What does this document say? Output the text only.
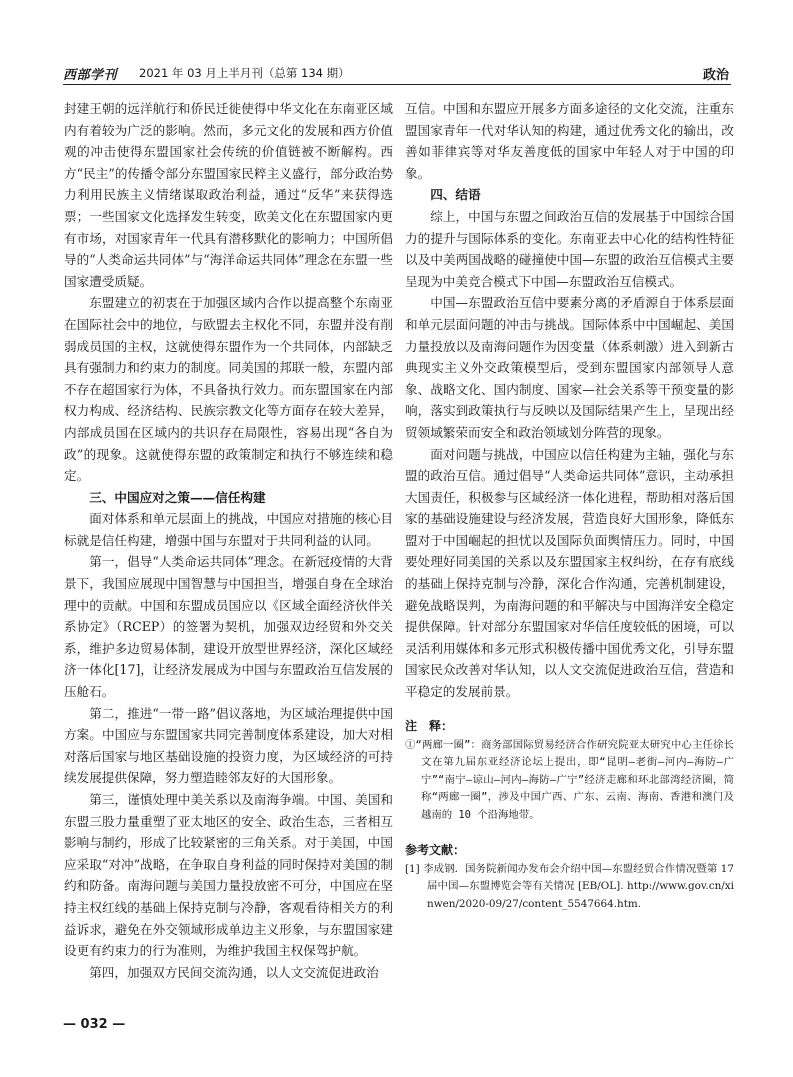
西部学刊 2021 年 03 月上半月刊（总第 134 期）	政治

封建王朝的远洋航行和侨民迁徙使得中华文化在东南亚区域内有着较为广泛的影响。然而，多元文化的发展和西方价值观的冲击使得东盟国家社会传统的价值链被不断解构。西方“民主”的传播令部分东盟国家民粹主义盛行，部分政治势力利用民族主义情绪谋取政治利益，通过“反华”来获得选票；一些国家文化选择发生转变，欧美文化在东盟国家内更有市场，对国家青年一代具有潜移默化的影响力；中国所倡导的“人类命运共同体”与“海洋命运共同体”理念在东盟一些国家遭受质疑。

东盟建立的初衷在于加强区域内合作以提高整个东南亚在国际社会中的地位，与欧盟去主权化不同，东盟并没有削弱成员国的主权，这就使得东盟作为一个共同体，内部缺乏具有强制力和约束力的制度。同美国的邦联一般，东盟内部不存在超国家行为体，不具备执行效力。而东盟国家在内部权力构成、经济结构、民族宗教文化等方面存在较大差异，内部成员国在区域内的共识存在局限性，容易出现“各自为政”的现象。这就使得东盟的政策制定和执行不够连续和稳定。

三、中国应对之策——信任构建

面对体系和单元层面上的挑战，中国应对措施的核心目标就是信任构建，增强中国与东盟对于共同利益的认同。

第一，倡导“人类命运共同体”理念。在新冠疫情的大背景下，我国应展现中国智慧与中国担当，增强自身在全球治理中的贡献。中国和东盟成员国应以《区域全面经济伙伴关系协定》（RCEP）的签署为契机，加强双边经贸和外交关系，维护多边贸易体制，建设开放型世界经济，深化区域经济一体化[17]，让经济发展成为中国与东盟政治互信发展的压舱石。

第二，推进“一带一路”倡议落地，为区域治理提供中国方案。中国应与东盟国家共同完善制度体系建设，加大对相对落后国家与地区基础设施的投资力度，为区域经济的可持续发展提供保障，努力塑造睦邻友好的大国形象。

第三，谨慎处理中美关系以及南海争端。中国、美国和东盟三股力量重塑了亚太地区的安全、政治生态，三者相互影响与制约，形成了比较紧密的三角关系。对于美国，中国应采取“对冲”战略，在争取自身利益的同时保持对美国的制约和防备。南海问题与美国力量投放密不可分，中国应在坚持主权红线的基础上保持克制与冷静，客观看待相关方的利益诉求，避免在外交领域形成单边主义形象，与东盟国家建设更有约束力的行为准则，为维护我国主权保驾护航。

第四，加强双方民间交流沟通，以人文交流促进政治

互信。中国和东盟应开展多方面多途径的文化交流，注重东盟国家青年一代对华认知的构建，通过优秀文化的输出，改善如菲律宾等对华友善度低的国家中年轻人对于中国的印象。

四、结语

综上，中国与东盟之间政治互信的发展基于中国综合国力的提升与国际体系的变化。东南亚去中心化的结构性特征以及中美两国战略的碰撞使中国—东盟的政治互信模式主要呈现为中美竞合模式下中国—东盟政治互信模式。

中国—东盟政治互信中要素分离的矛盾源自于体系层面和单元层面问题的冲击与挑战。国际体系中中国崛起、美国力量投放以及南海问题作为因变量（体系刺激）进入到新古典现实主义外交政策模型后，受到东盟国家内部领导人意象、战略文化、国内制度、国家—社会关系等干预变量的影响，落实到政策执行与反映以及国际结果产生上，呈现出经贸领域繁荣而安全和政治领域划分阵营的现象。

面对问题与挑战，中国应以信任构建为主轴，强化与东盟的政治互信。通过倡导“人类命运共同体”意识，主动承担大国责任，积极参与区域经济一体化进程，帮助相对落后国家的基础设施建设与经济发展，营造良好大国形象，降低东盟对于中国崛起的担忧以及国际负面舆情压力。同时，中国要处理好同美国的关系以及东盟国家主权纠纷，在存有底线的基础上保持克制与冷静，深化合作沟通，完善机制建设，避免战略误判，为南海问题的和平解决与中国海洋安全稳定提供保障。针对部分东盟国家对华信任度较低的困境，可以灵活利用媒体和多元形式积极传播中国优秀文化，引导东盟国家民众改善对华认知，以人文交流促进政治互信，营造和平稳定的发展前景。

注　释：
①“两廊一圈”：商务部国际贸易经济合作研究院亚太研究中心主任徐长文在第九届东亚经济论坛上提出，即“昆明—老街—河内—海防—广宁”“南宁—谅山—河内—海防—广宁”经济走廊和环北部湾经济圈，简称“两廊一圈”，涉及中国广西、广东、云南、海南、香港和澳门及越南的 10 个沿海地带。
参考文献：
[1] 李成钢．国务院新闻办发布会介绍中国—东盟经贸合作情况暨第 17 届中国—东盟博览会等有关情况 [EB/OL]. http://www.gov.cn/xinwen/2020-09/27/content_5547664.htm.
— 032 —
